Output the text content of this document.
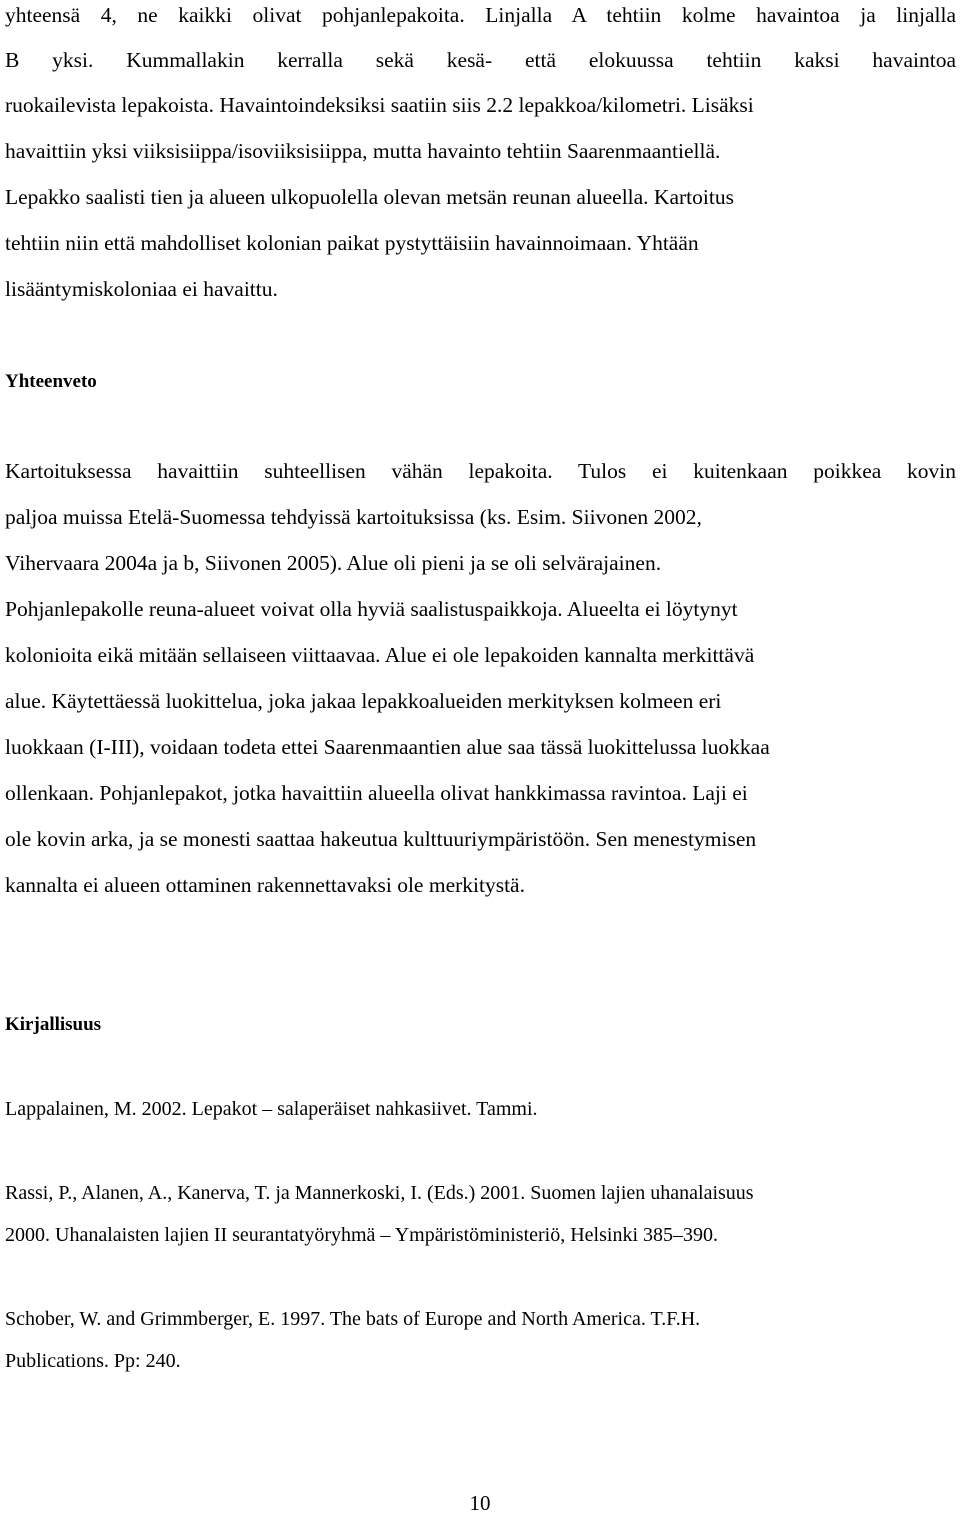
yhteensä 4, ne kaikki olivat pohjanlepakoita. Linjalla A tehtiin kolme havaintoa ja linjalla
B yksi. Kummallakin kerralla sekä kesä- että elokuussa tehtiin kaksi havaintoa
ruokailevista lepakoista. Havaintoindeksiksi saatiin siis 2.2 lepakkoa/kilometri. Lisäksi
havaittiin yksi viiksisiippa/isoviiksisiippa, mutta havainto tehtiin Saarenmaantiellä.
Lepakko saalisti tien ja alueen ulkopuolella olevan metsän reunan alueella. Kartoitus
tehtiin niin että mahdolliset kolonian paikat pystyttäisiin havainnoimaan. Yhtään
lisääntymiskoloniaa ei havaittu.
Yhteenveto
Kartoituksessa havaittiin suhteellisen vähän lepakoita. Tulos ei kuitenkaan poikkea kovin
paljoa muissa Etelä-Suomessa tehdyissä kartoituksissa (ks. Esim. Siivonen 2002,
Vihervaara 2004a ja b, Siivonen 2005). Alue oli pieni ja se oli selvärajainen.
Pohjanlepakolle reuna-alueet voivat olla hyviä saalistuspaikkoja. Alueelta ei löytynyt
kolonioita eikä mitään sellaiseen viittaavaa. Alue ei ole lepakoiden kannalta merkittävä
alue. Käytettäessä luokittelua, joka jakaa lepakkoalueiden merkityksen kolmeen eri
luokkaan (I-III), voidaan todeta ettei Saarenmaantien alue saa tässä luokittelussa luokkaa
ollenkaan. Pohjanlepakot, jotka havaittiin alueella olivat hankkimassa ravintoa. Laji ei
ole kovin arka, ja se monesti saattaa hakeutua kulttuuriympäristöön. Sen menestymisen
kannalta ei alueen ottaminen rakennettavaksi ole merkitystä.
Kirjallisuus
Lappalainen, M. 2002. Lepakot – salaperäiset nahkasiivet. Tammi.
Rassi, P., Alanen, A., Kanerva, T. ja Mannerkoski, I. (Eds.) 2001. Suomen lajien uhanalaisuus
2000. Uhanalaisten lajien II seurantatyöryhmä – Ympäristöministeriö, Helsinki 385–390.
Schober, W. and Grimmberger, E. 1997. The bats of Europe and North America. T.F.H.
Publications. Pp: 240.
10
